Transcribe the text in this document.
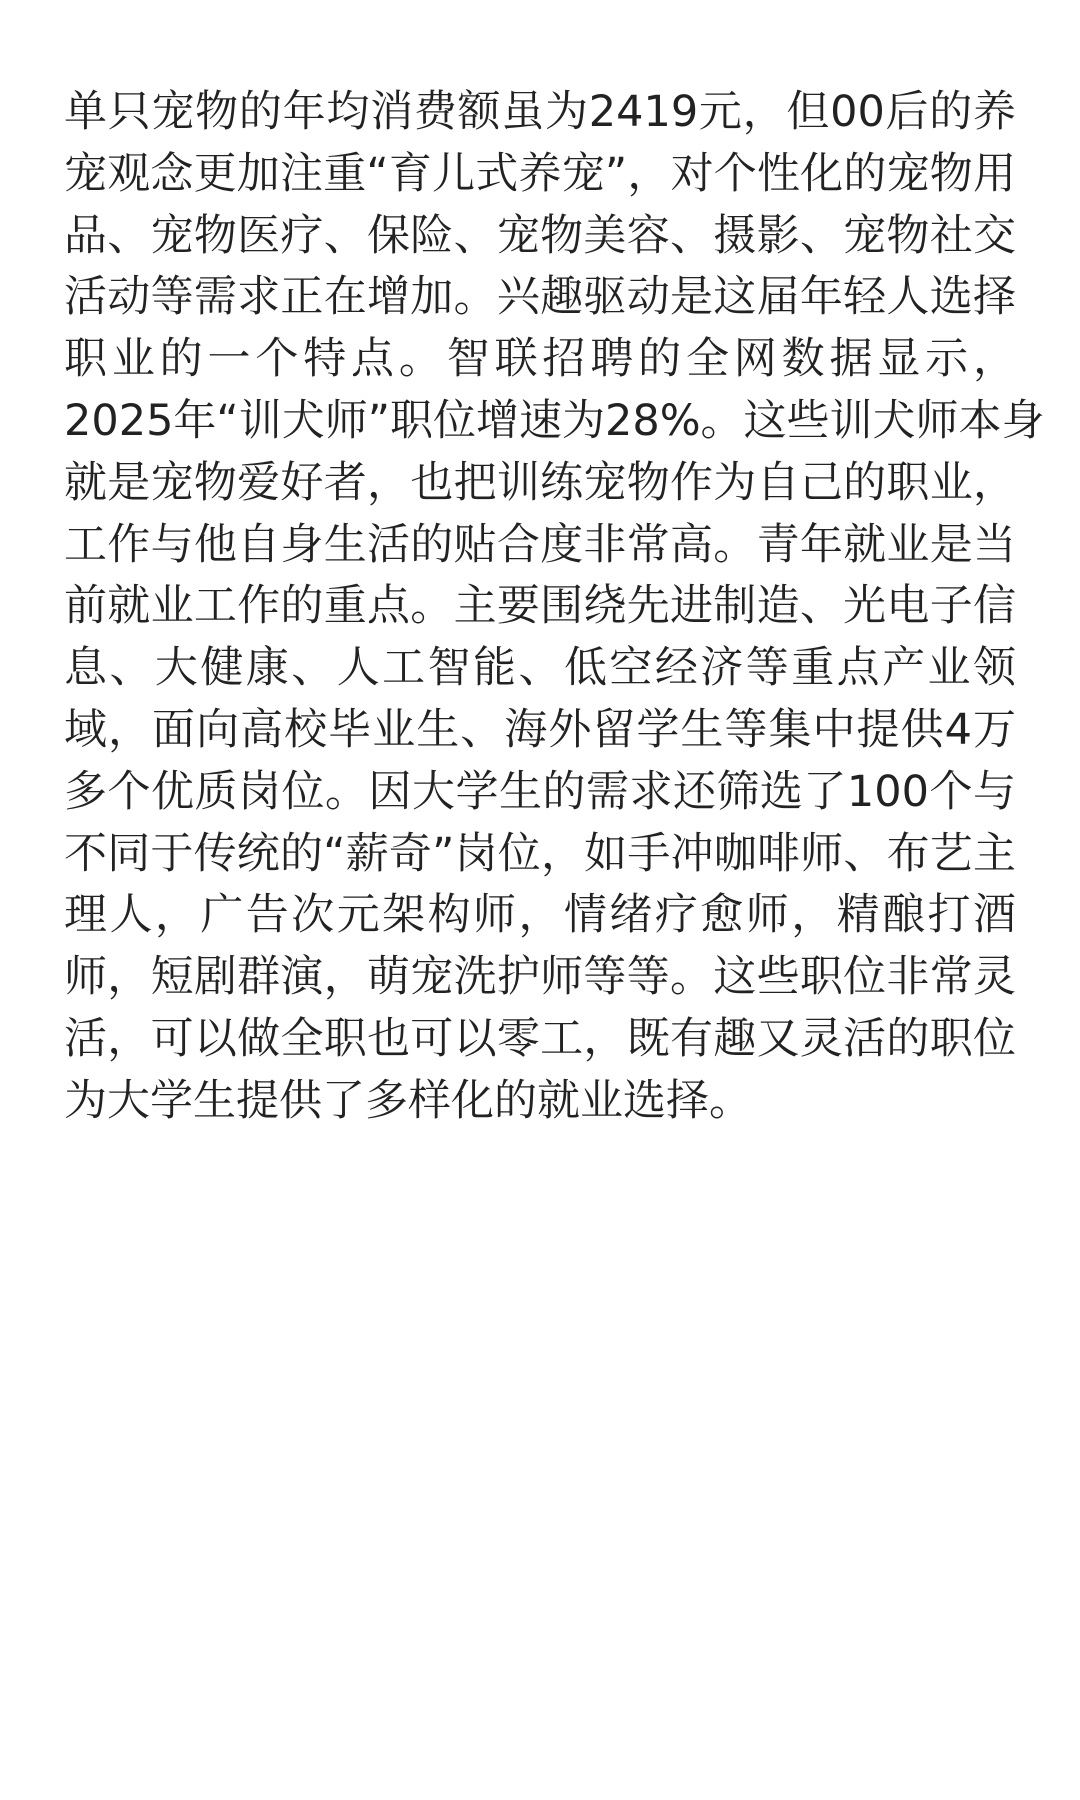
单只宠物的年均消费额虽为2419元，但00后的养
宠观念更加注重“育儿式养宠”，对个性化的宠物用
品、宠物医疗、保险、宠物美容、摄影、宠物社交
活动等需求正在增加。兴趣驱动是这届年轻人选择
职业的一个特点。智联招聘的全网数据显示，
2025年“训犬师”职位增速为28%。这些训犬师本身
就是宠物爱好者，也把训练宠物作为自己的职业，
工作与他自身生活的贴合度非常高。青年就业是当
前就业工作的重点。主要围绕先进制造、光电子信
息、大健康、人工智能、低空经济等重点产业领
域，面向高校毕业生、海外留学生等集中提供4万
多个优质岗位。因大学生的需求还筛选了100个与
不同于传统的“薪奇”岗位，如手冲咖啡师、布艺主
理人，广告次元架构师，情绪疗愈师，精酿打酒
师，短剧群演，萌宠洗护师等等。这些职位非常灵
活，可以做全职也可以零工，既有趣又灵活的职位
为大学生提供了多样化的就业选择。
